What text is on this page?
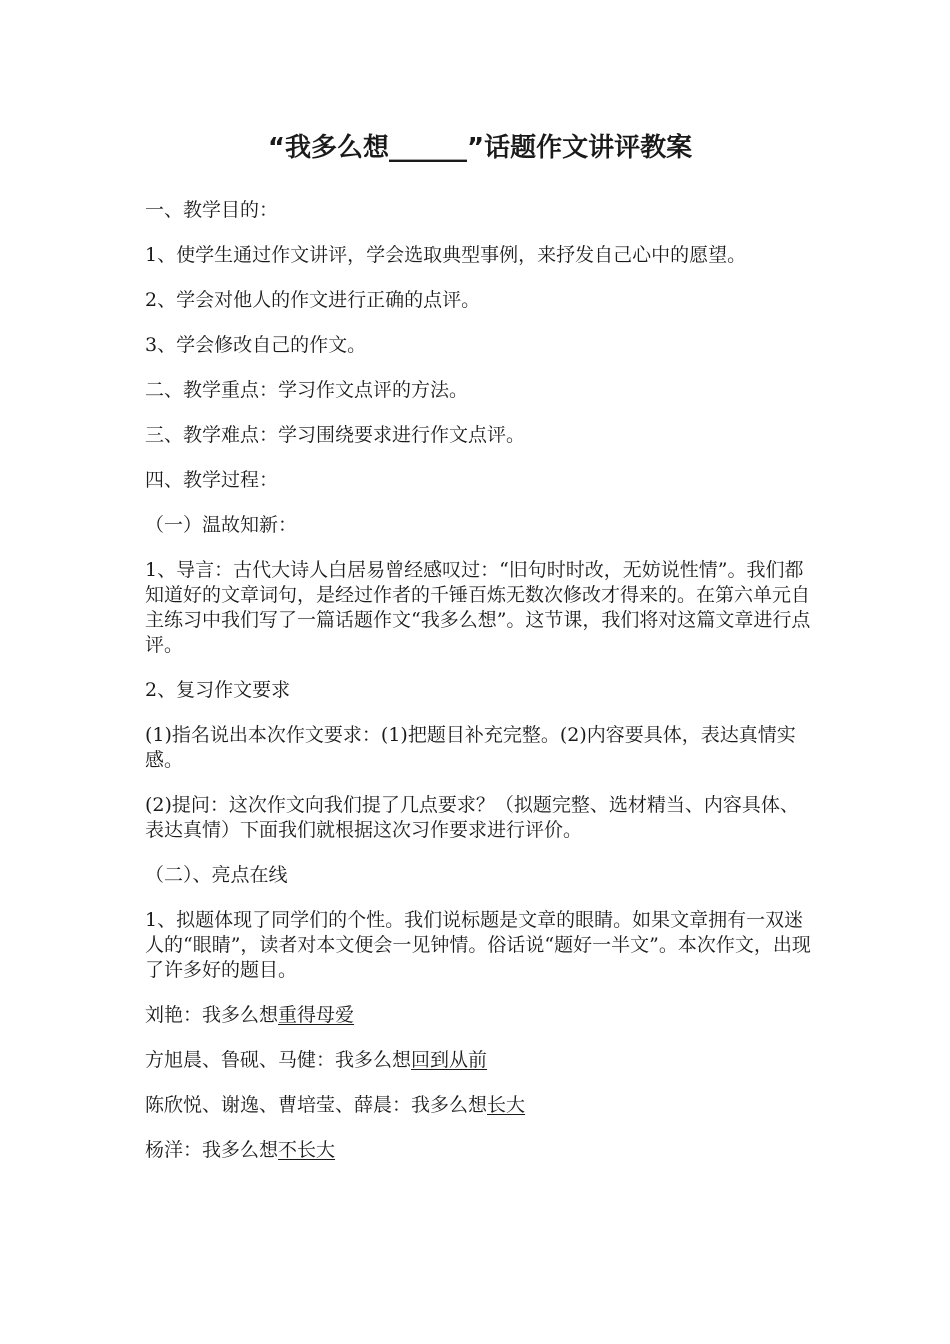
“我多么想______”话题作文讲评教案

一、教学目的：

1、使学生通过作文讲评，学会选取典型事例，来抒发自己心中的愿望。

2、学会对他人的作文进行正确的点评。

3、学会修改自己的作文。

二、教学重点：学习作文点评的方法。

三、教学难点：学习围绕要求进行作文点评。

四、教学过程：

（一）温故知新：

1、导言：古代大诗人白居易曾经感叹过：“旧句时时改，无妨说性情”。我们都知道好的文章词句，是经过作者的千锤百炼无数次修改才得来的。在第六单元自主练习中我们写了一篇话题作文“我多么想”。这节课，我们将对这篇文章进行点评。

2、复习作文要求

(1)指名说出本次作文要求：(1)把题目补充完整。(2)内容要具体，表达真情实感。

(2)提问：这次作文向我们提了几点要求？（拟题完整、选材精当、内容具体、表达真情）下面我们就根据这次习作要求进行评价。

（二）、亮点在线

1、拟题体现了同学们的个性。我们说标题是文章的眼睛。如果文章拥有一双迷人的“眼睛”，读者对本文便会一见钟情。俗话说“题好一半文”。本次作文，出现了许多好的题目。

刘艳：我多么想重得母爱

方旭晨、鲁砚、马健：我多么想回到从前

陈欣悦、谢逸、曹培莹、薛晨：我多么想长大

杨洋：我多么想不长大
